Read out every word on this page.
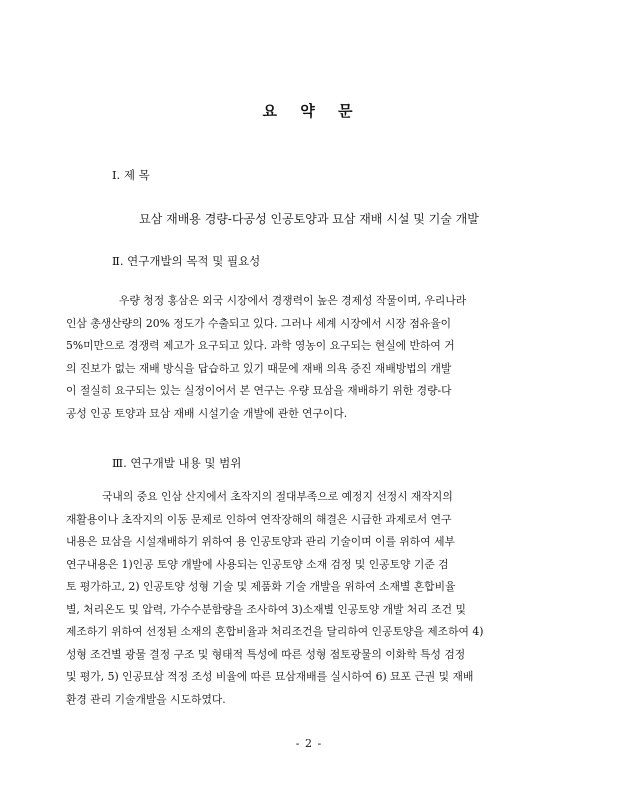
요 약 문
Ⅰ. 제 목
묘삼 재배용 경량-다공성 인공토양과 묘삼 재배 시설 및 기술 개발
Ⅱ. 연구개발의 목적 및 필요성
우량 청정 홍삼은 외국 시장에서 경쟁력이 높은 경제성 작물이며, 우리나라
인삼 총생산량의 20% 정도가 수출되고 있다. 그러나 세계 시장에서 시장 점유율이
5%미만으로 경쟁력 제고가 요구되고 있다. 과학 영농이 요구되는 현실에 반하여 거
의 진보가 없는 재배 방식을 답습하고 있기 때문에 재배 의욕 증진 재배방법의 개발
이 절실히 요구되는 있는 실정이어서 본 연구는 우량 묘삼을 재배하기 위한 경량-다
공성 인공 토양과 묘삼 재배 시설기술 개발에 관한 연구이다.
Ⅲ. 연구개발 내용 및 범위
국내의 중요 인삼 산지에서 초작지의 절대부족으로 예정지 선정시 재작지의
재활용이나 초작지의 이동 문제로 인하여 연작장해의 해결은 시급한 과제로서 연구
내용은 묘삼을 시설재배하기 위하여 용 인공토양과 관리 기술이며 이를 위하여 세부
연구내용은 1)인공 토양 개발에 사용되는 인공토양 소재 검정 및 인공토양 기준 검
토 평가하고, 2) 인공토양 성형 기술 및 제품화 기술 개발을 위하여 소재별 혼합비율
별, 처리온도 및 압력, 가수수분함량을 조사하여 3)소재별 인공토양 개발 처리 조건 및
제조하기 위하여 선정된 소재의 혼합비율과 처리조건을 달리하여 인공토양을 제조하여 4)
성형 조건별 광물 결정 구조 및 형태적 특성에 따른 성형 점토광물의 이화학 특성 검정
및 평가, 5) 인공묘삼 적정 조성 비율에 따른 묘삼재배를 실시하여 6) 묘포 근권 및 재배
환경 관리 기술개발을 시도하였다.
- 2 -
